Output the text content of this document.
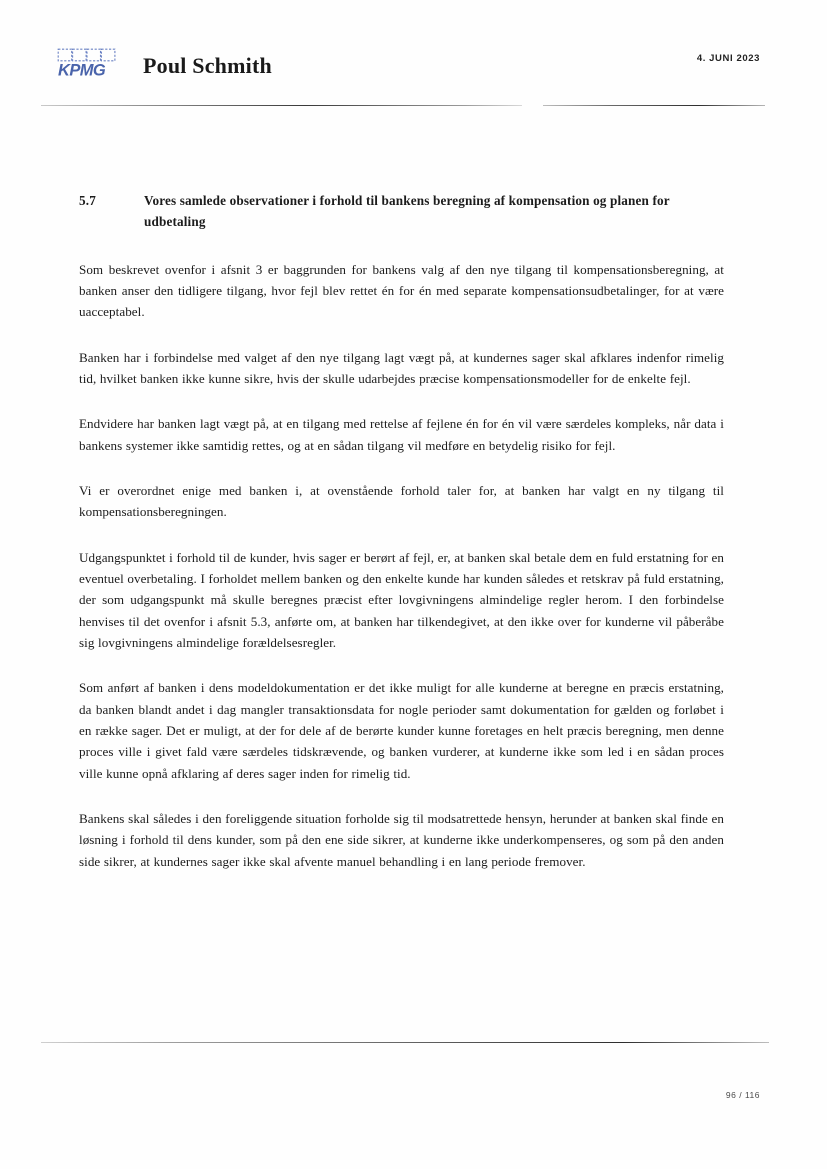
KPMG Poul Schmith	4. JUNI 2023
5.7	Vores samlede observationer i forhold til bankens beregning af kompensation og planen for udbetaling

Som beskrevet ovenfor i afsnit 3 er baggrunden for bankens valg af den nye tilgang til kompensationsberegning, at banken anser den tidligere tilgang, hvor fejl blev rettet én for én med separate kompensationsudbetalinger, for at være uacceptabel.

Banken har i forbindelse med valget af den nye tilgang lagt vægt på, at kundernes sager skal afklares indenfor rimelig tid, hvilket banken ikke kunne sikre, hvis der skulle udarbejdes præcise kompensationsmodeller for de enkelte fejl.

Endvidere har banken lagt vægt på, at en tilgang med rettelse af fejlene én for én vil være særdeles kompleks, når data i bankens systemer ikke samtidig rettes, og at en sådan tilgang vil medføre en betydelig risiko for fejl.

Vi er overordnet enige med banken i, at ovenstående forhold taler for, at banken har valgt en ny tilgang til kompensationsberegningen.

Udgangspunktet i forhold til de kunder, hvis sager er berørt af fejl, er, at banken skal betale dem en fuld erstatning for en eventuel overbetaling. I forholdet mellem banken og den enkelte kunde har kunden således et retskrav på fuld erstatning, der som udgangspunkt må skulle beregnes præcist efter lovgivningens almindelige regler herom. I den forbindelse henvises til det ovenfor i afsnit 5.3, anførte om, at banken har tilkendegivet, at den ikke over for kunderne vil påberåbe sig lovgivningens almindelige forældelsesregler.

Som anført af banken i dens modeldokumentation er det ikke muligt for alle kunderne at beregne en præcis erstatning, da banken blandt andet i dag mangler transaktionsdata for nogle perioder samt dokumentation for gælden og forløbet i en række sager. Det er muligt, at der for dele af de berørte kunder kunne foretages en helt præcis beregning, men denne proces ville i givet fald være særdeles tidskrævende, og banken vurderer, at kunderne ikke som led i en sådan proces ville kunne opnå afklaring af deres sager inden for rimelig tid.

Bankens skal således i den foreliggende situation forholde sig til modsatrettede hensyn, herunder at banken skal finde en løsning i forhold til dens kunder, som på den ene side sikrer, at kunderne ikke underkompenseres, og som på den anden side sikrer, at kundernes sager ikke skal afvente manuel behandling i en lang periode fremover.

96 / 116
